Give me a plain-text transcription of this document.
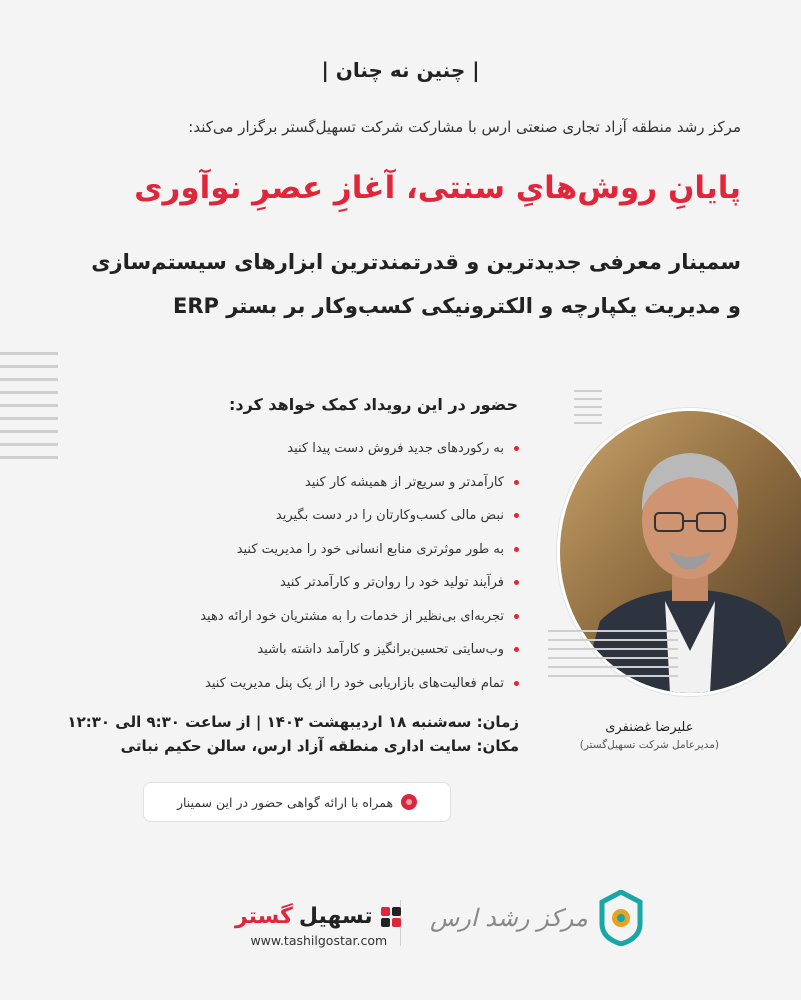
| چنین نه چنان |
مرکز رشد منطقه آزاد تجاری صنعتی ارس با مشارکت شرکت تسهیل‌گستر برگزار می‌کند:
پایانِ روش‌هایِ سنتی، آغازِ عصرِ نوآوری
سمینار معرفی جدیدترین و قدرتمندترین ابزارهای سیستم‌سازی
و مدیریت یکپارچه و الکترونیکی کسب‌وکار بر بستر ERP
حضور در این رویداد کمک خواهد کرد:
به رکوردهای جدید فروش دست پیدا کنید
کارآمدتر و سریع‌تر از همیشه کار کنید
نبض مالی کسب‌وکارتان را در دست بگیرید
به طور موثرتری منابع انسانی خود را مدیریت کنید
فرآیند تولید خود را روان‌تر و کارآمدتر کنید
تجربه‌ای بی‌نظیر از خدمات را به مشتریان خود ارائه دهید
وب‌سایتی تحسین‌برانگیز و کارآمد داشته باشید
تمام فعالیت‌های بازاریابی خود را از یک پنل مدیریت کنید
زمان: سه‌شنبه ۱۸ اردیبهشت ۱۴۰۳ | از ساعت ۹:۳۰ الی ۱۲:۳۰
مکان: سایت اداری منطقه آزاد ارس، سالن حکیم نباتی
همراه با ارائه گواهی حضور در این سمینار
علیرضا غضنفری
(مدیرعامل شرکت تسهیل‌گستر)
تسهیل
گستر
www.tashilgostar.com
مرکز رشد ارس
